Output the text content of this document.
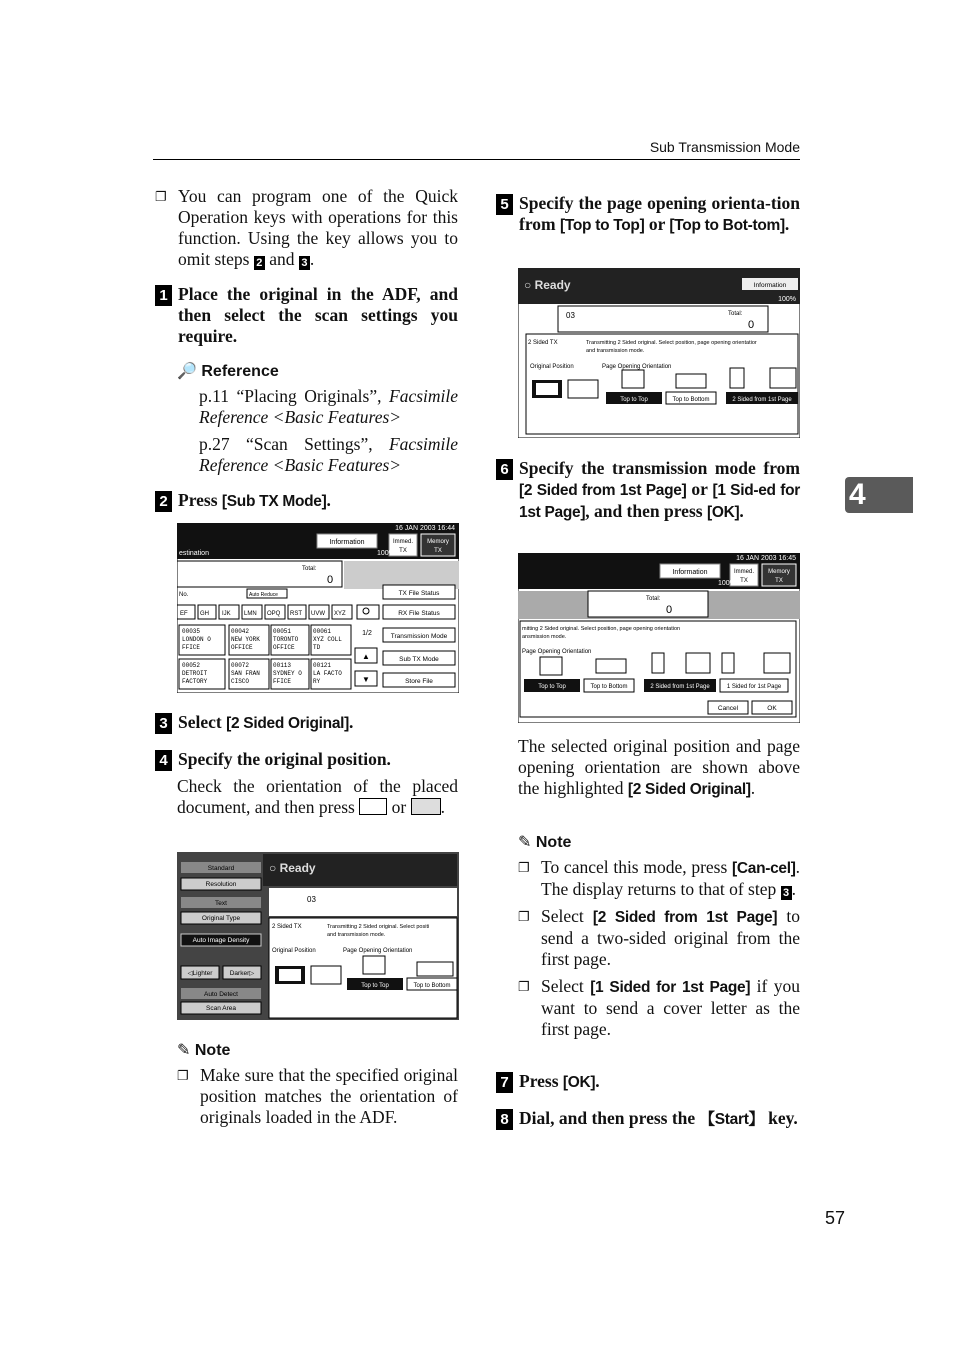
Sub Transmission Mode
4

❐ You can program one of the Quick Operation keys with operations for this function. Using the key allows you to omit steps 2 and 3 .

1 Place the original in the ADF, and then select the scan settings you require.

🔎 Reference

p.11 “Placing Originals”, Facsimile Reference <Basic Features>

p.27 “Scan Settings”, Facsimile Reference <Basic Features>

2 Press [Sub TX Mode].

16 JAN 2003 16:44
Information	Immed.
TX
Memory
TX
estination	100%
Total:
0
No.	Auto Reduce
EF GH IJK LMN OPQ RST UVW XYZ
00035
LONDON O
FFICE
00042
NEW YORK
OFFICE
00051
TORONTO
OFFICE
00061
XYZ COLL
TD
00052
DETROIT
FACTORY
00072
SAN FRAN
CISCO
00113
SYDNEY O
FFICE
00121
LA FACTO
RY
1/2
▲
▼
TX File Status
RX File Status
Transmission Mode
Sub TX Mode
Store File

3 Select [2 Sided Original].

4 Specify the original position.

Check the orientation of the placed document, and then press or .

○ Ready
Standard
Resolution
Text
Original Type
Auto Image Density
◁Lighter	Darker▷
Auto Detect
Scan Area
03
2 Sided TX	Transmitting 2 Sided original. Select positi
and transmission mode.
Original Position	Page Opening Orientation
Top to Top	Top to Bottom

✎ Note

❐ Make sure that the specified original position matches the orientation of originals loaded in the ADF.

5 Specify the page opening orienta-tion from [Top to Top] or [Top to Bot-tom].

○ Ready	Information
100%
03	Total:
0
2 Sided TX	Transmitting 2 Sided original. Select position, page opening orientatior
and transmission mode.
Original Position	Page Opening Orientation
Top to Top	Top to Bottom	2 Sided from 1st Page

6 Specify the transmission mode from [2 Sided from 1st Page] or [1 Sid-ed for 1st Page], and then press [OK].

16 JAN 2003 16:45
Information	Immed.
TX
Memory
TX
100%
Total:
0
mitting 2 Sided original. Select position, page opening orientation
ansmission mode.
Page Opening Orientation
Top to Top	Top to Bottom	2 Sided from 1st Page	1 Sided for 1st Page
Cancel	OK

The selected original position and page opening orientation are shown above the highlighted [2 Sided Original].

✎ Note

❐ To cancel this mode, press [Can-cel]. The display returns to that of step 3 .

❐ Select [2 Sided from 1st Page] to send a two-sided original from the first page.

❐ Select [1 Sided for 1st Page] if you want to send a cover letter as the first page.

7 Press [OK].

8 Dial, and then press the 【Start】 key.

57
